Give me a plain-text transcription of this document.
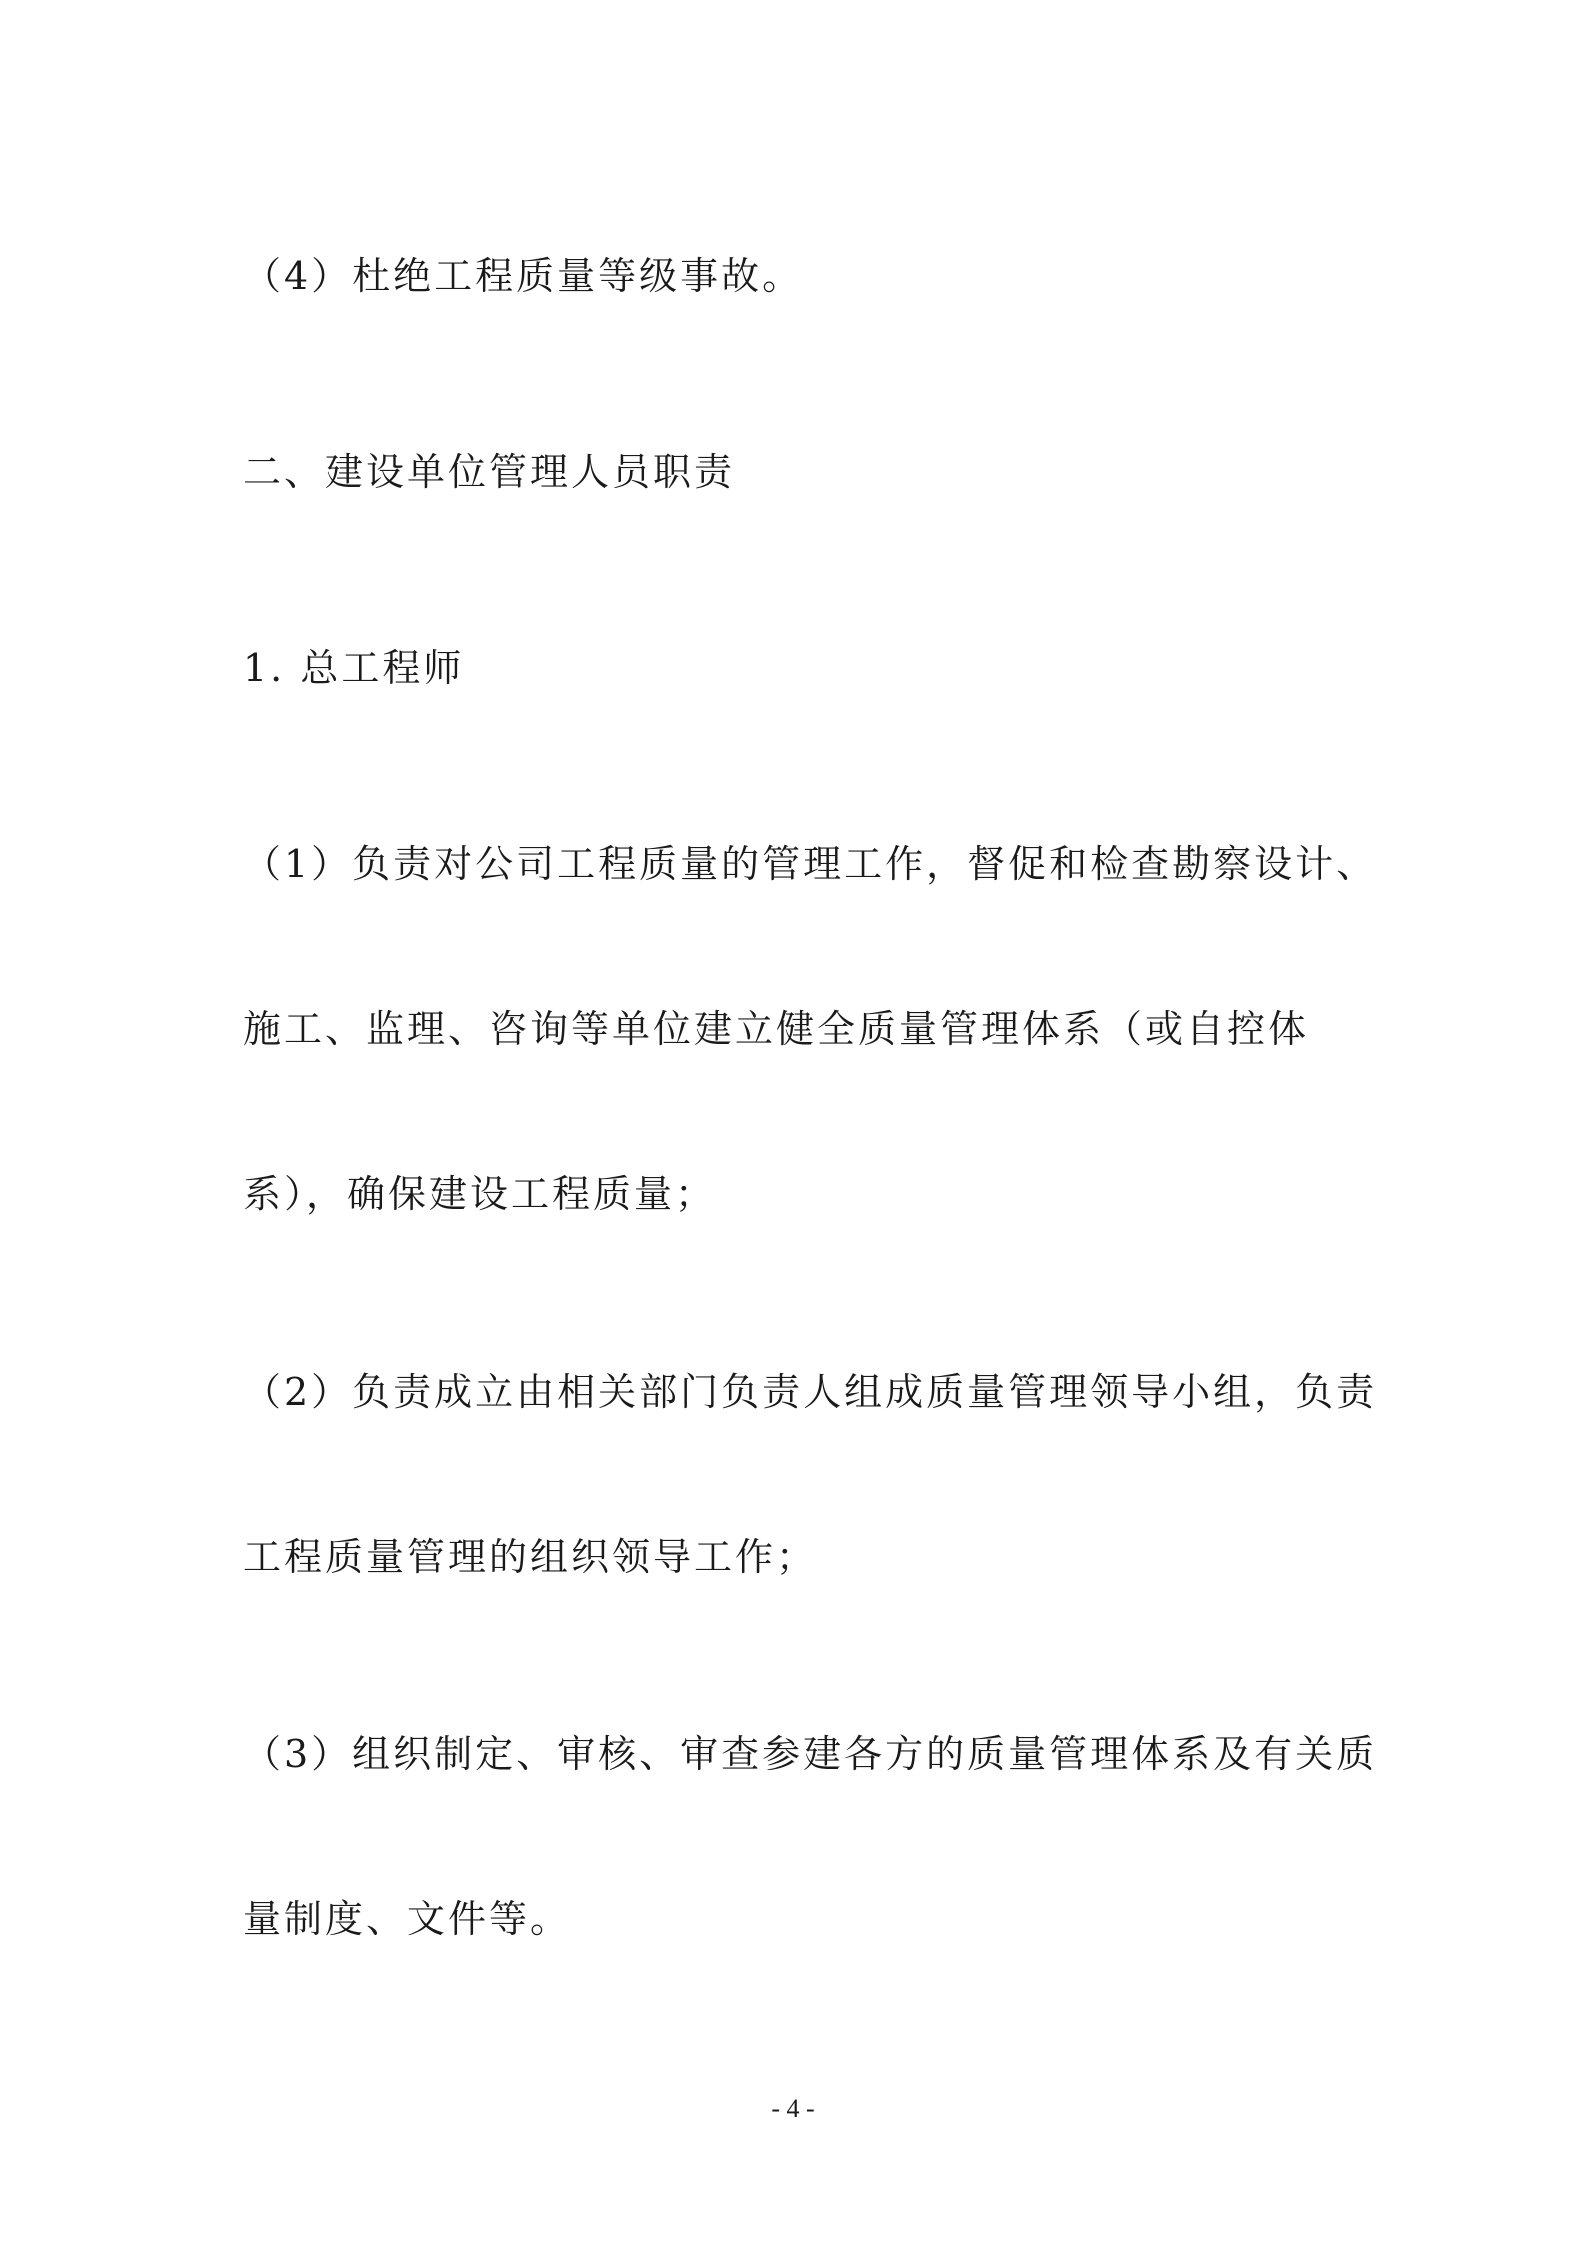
（4）杜绝工程质量等级事故。
二、建设单位管理人员职责
1. 总工程师
（1）负责对公司工程质量的管理工作，督促和检查勘察设计、
施工、监理、咨询等单位建立健全质量管理体系（或自控体
系），确保建设工程质量；
（2）负责成立由相关部门负责人组成质量管理领导小组，负责
工程质量管理的组织领导工作；
（3）组织制定、审核、审查参建各方的质量管理体系及有关质
量制度、文件等。
- 4 -
